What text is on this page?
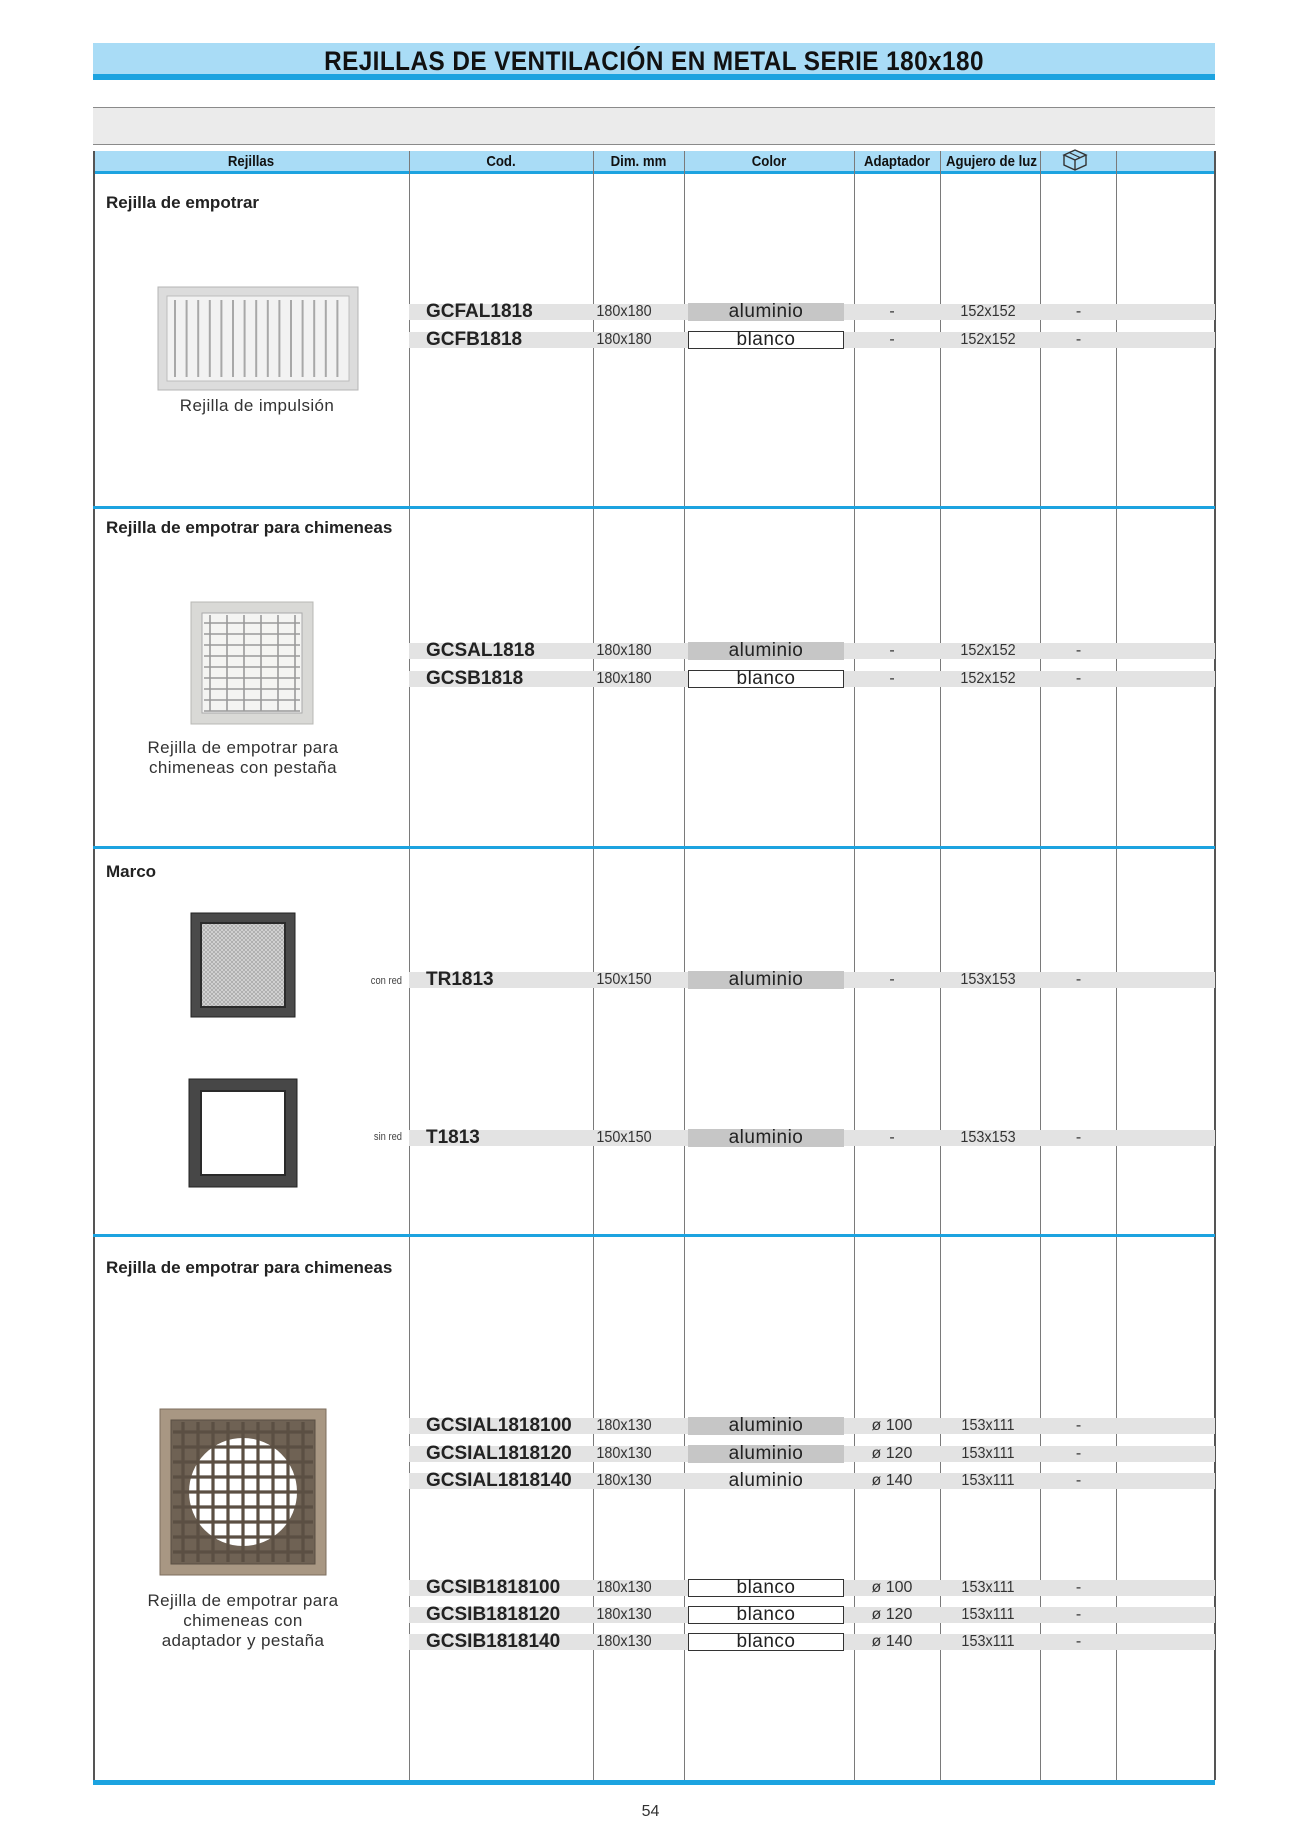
REJILLAS DE VENTILACIÓN EN METAL SERIE 180x180
Rejillas	Cod.	Dim. mm	Color	Adaptador	Agujero de luz
Rejilla de empotrar
Rejilla de impulsión
GCFAL1818	180x180	aluminio	-	152x152	-
GCFB1818	180x180	blanco	-	152x152	-
Rejilla de empotrar para chimeneas
Rejilla de empotrar para
chimeneas con pestaña
GCSAL1818	180x180	aluminio	-	152x152	-
GCSB1818	180x180	blanco	-	152x152	-
Marco
con red
sin red
TR1813	150x150	aluminio	-	153x153	-
T1813	150x150	aluminio	-	153x153	-
Rejilla de empotrar para chimeneas
Rejilla de empotrar para
chimeneas con
adaptador y pestaña
GCSIAL1818100	180x130	aluminio	ø 100	153x111	-
GCSIAL1818120	180x130	aluminio	ø 120	153x111	-
GCSIAL1818140	180x130	aluminio	ø 140	153x111	-
GCSIB1818100	180x130	blanco	ø 100	153x111	-
GCSIB1818120	180x130	blanco	ø 120	153x111	-
GCSIB1818140	180x130	blanco	ø 140	153x111	-
54
